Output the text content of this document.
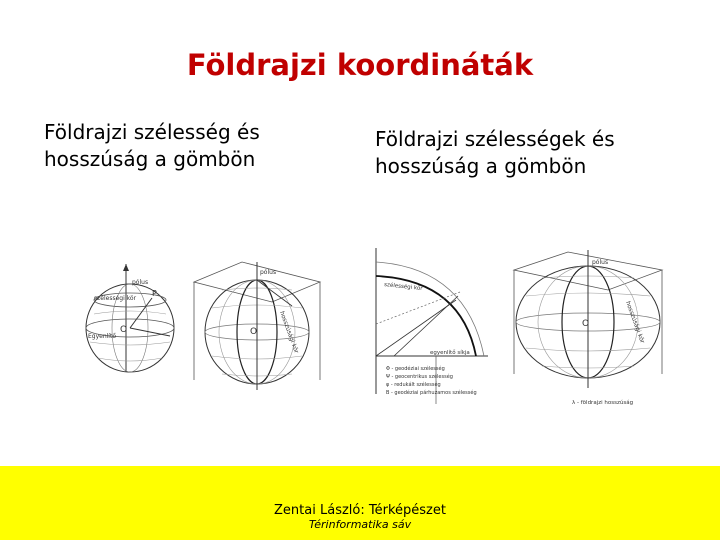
Földrajzi koordináták
Földrajzi szélesség és hosszúság a gömbön
Földrajzi szélességek és hosszúság a gömbön
pólus
szélességi kör
Egyenlítő
O
P
pólus
hosszúsági kör
O
szélességi kör
egyenlítő síkja
Φ - geodéziai szélesség
Ψ - geocentrikus szélesség
φ - redukált szélesség
B - geodéziai párhuzamos szélesség
pólus
hosszúsági kör
O
λ - földrajzi hosszúság
Zentai László: Térképészet
Térinformatika sáv
